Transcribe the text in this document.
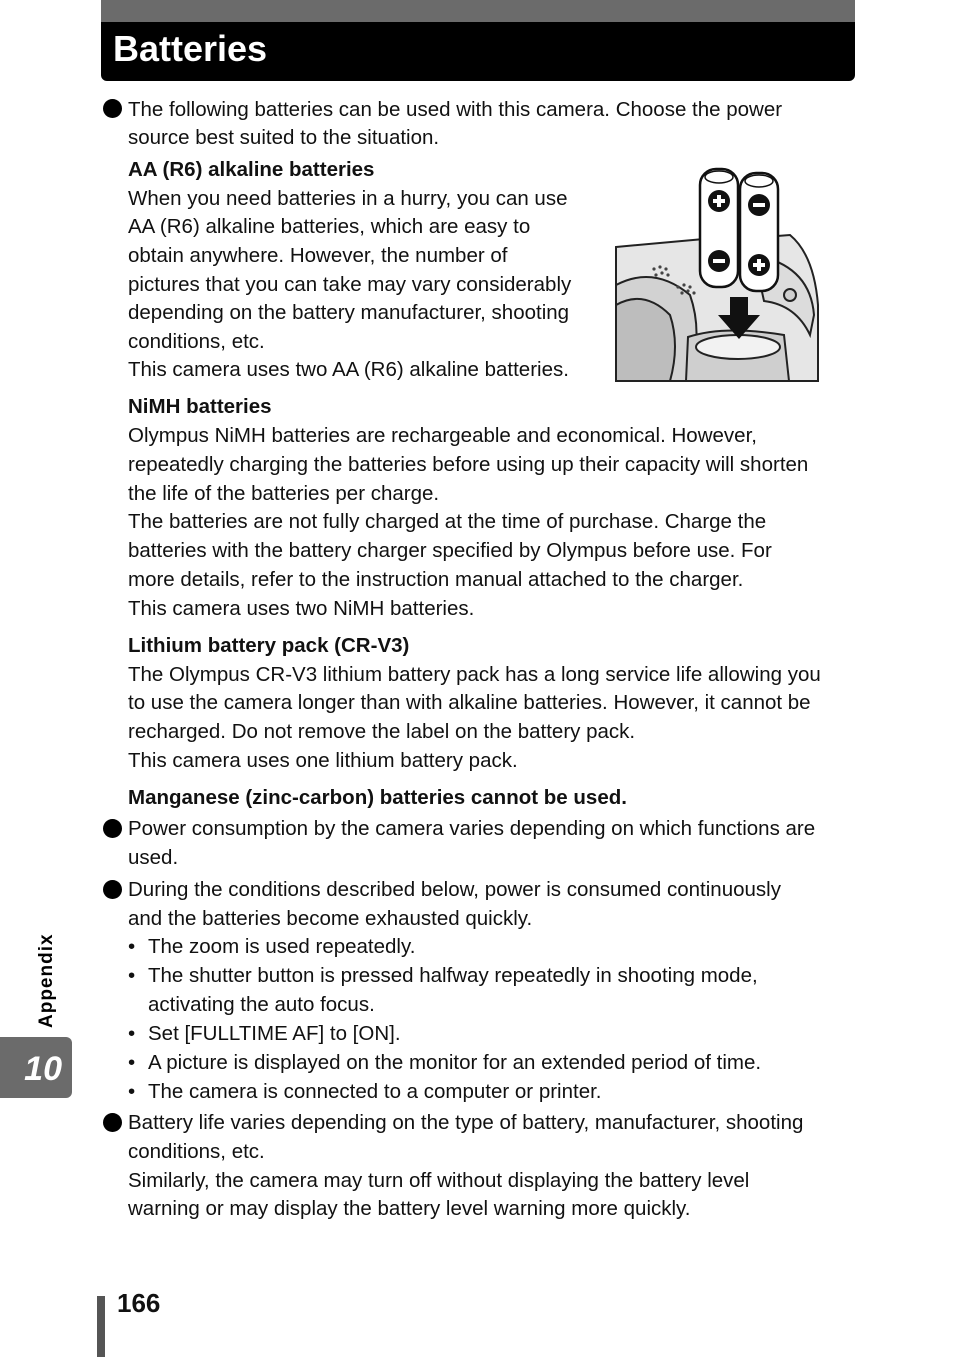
Batteries
The following batteries can be used with this camera. Choose the power
source best suited to the situation.
AA (R6) alkaline batteries
When you need batteries in a hurry, you can use
AA (R6) alkaline batteries, which are easy to
obtain anywhere. However, the number of
pictures that you can take may vary considerably
depending on the battery manufacturer, shooting
conditions, etc.
This camera uses two AA (R6) alkaline batteries.
NiMH batteries
Olympus NiMH batteries are rechargeable and economical. However,
repeatedly charging the batteries before using up their capacity will shorten
the life of the batteries per charge.
The batteries are not fully charged at the time of purchase. Charge the
batteries with the battery charger specified by Olympus before use. For
more details, refer to the instruction manual attached to the charger.
This camera uses two NiMH batteries.
Lithium battery pack (CR-V3)
The Olympus CR-V3 lithium battery pack has a long service life allowing you
to use the camera longer than with alkaline batteries. However, it cannot be
recharged. Do not remove the label on the battery pack.
This camera uses one lithium battery pack.
Manganese (zinc-carbon) batteries cannot be used.
Power consumption by the camera varies depending on which functions are
used.
During the conditions described below, power is consumed continuously
and the batteries become exhausted quickly.
• The zoom is used repeatedly.
• The shutter button is pressed halfway repeatedly in shooting mode,
activating the auto focus.
• Set [FULLTIME AF] to [ON].
• A picture is displayed on the monitor for an extended period of time.
• The camera is connected to a computer or printer.
Battery life varies depending on the type of battery, manufacturer, shooting
conditions, etc.
Similarly, the camera may turn off without displaying the battery level
warning or may display the battery level warning more quickly.
Appendix
10
166
